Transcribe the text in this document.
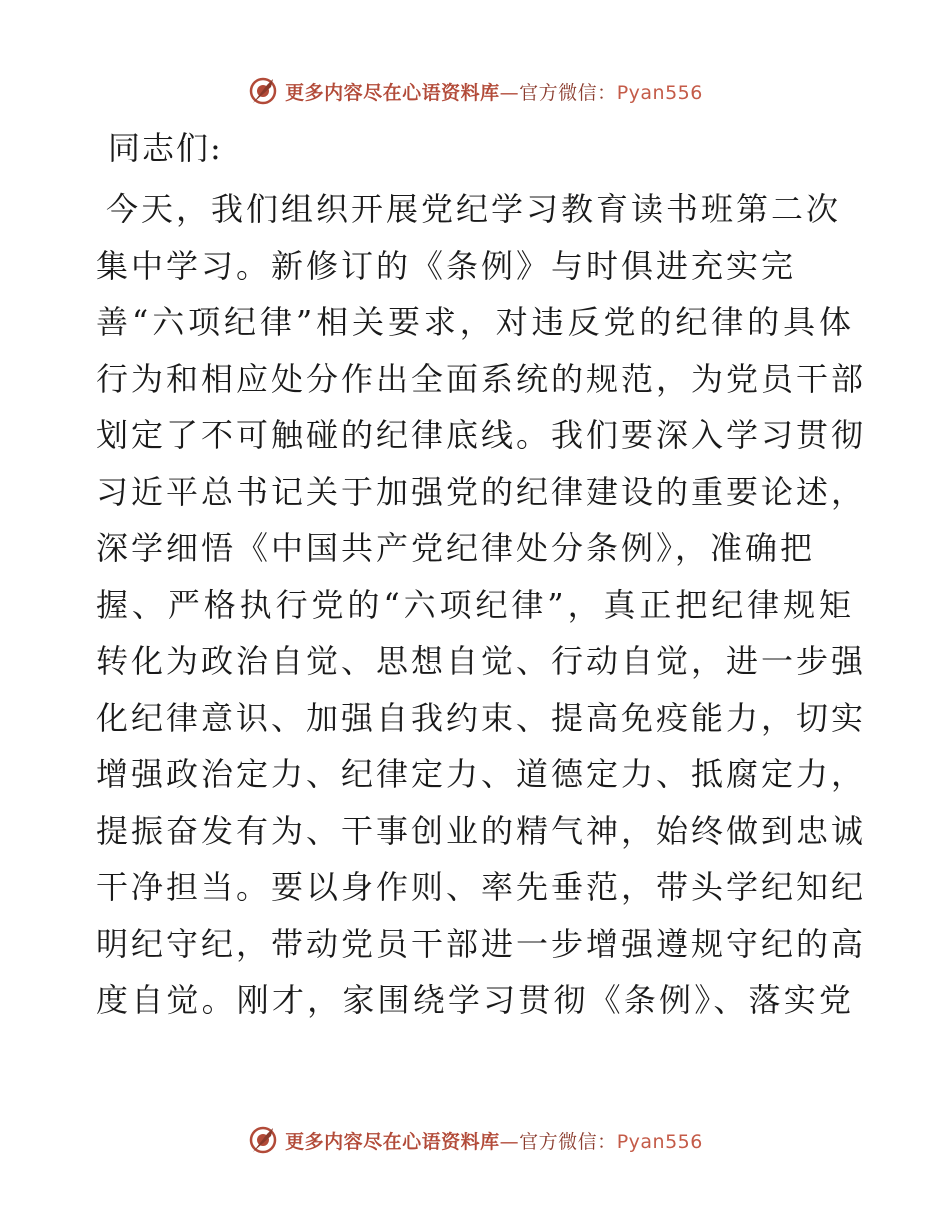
更多内容尽在心语资料库—官方微信：Pyan556
同志们:
今天，我们组织开展党纪学习教育读书班第二次
集中学习。新修订的《条例》与时俱进充实完
善“六项纪律”相关要求，对违反党的纪律的具体
行为和相应处分作出全面系统的规范，为党员干部
划定了不可触碰的纪律底线。我们要深入学习贯彻
习近平总书记关于加强党的纪律建设的重要论述，
深学细悟《中国共产党纪律处分条例》，准确把
握、严格执行党的“六项纪律”，真正把纪律规矩
转化为政治自觉、思想自觉、行动自觉，进一步强
化纪律意识、加强自我约束、提高免疫能力，切实
增强政治定力、纪律定力、道德定力、抵腐定力，
提振奋发有为、干事创业的精气神，始终做到忠诚
干净担当。要以身作则、率先垂范，带头学纪知纪
明纪守纪，带动党员干部进一步增强遵规守纪的高
度自觉。刚才，家围绕学习贯彻《条例》、落实党
更多内容尽在心语资料库—官方微信：Pyan556
